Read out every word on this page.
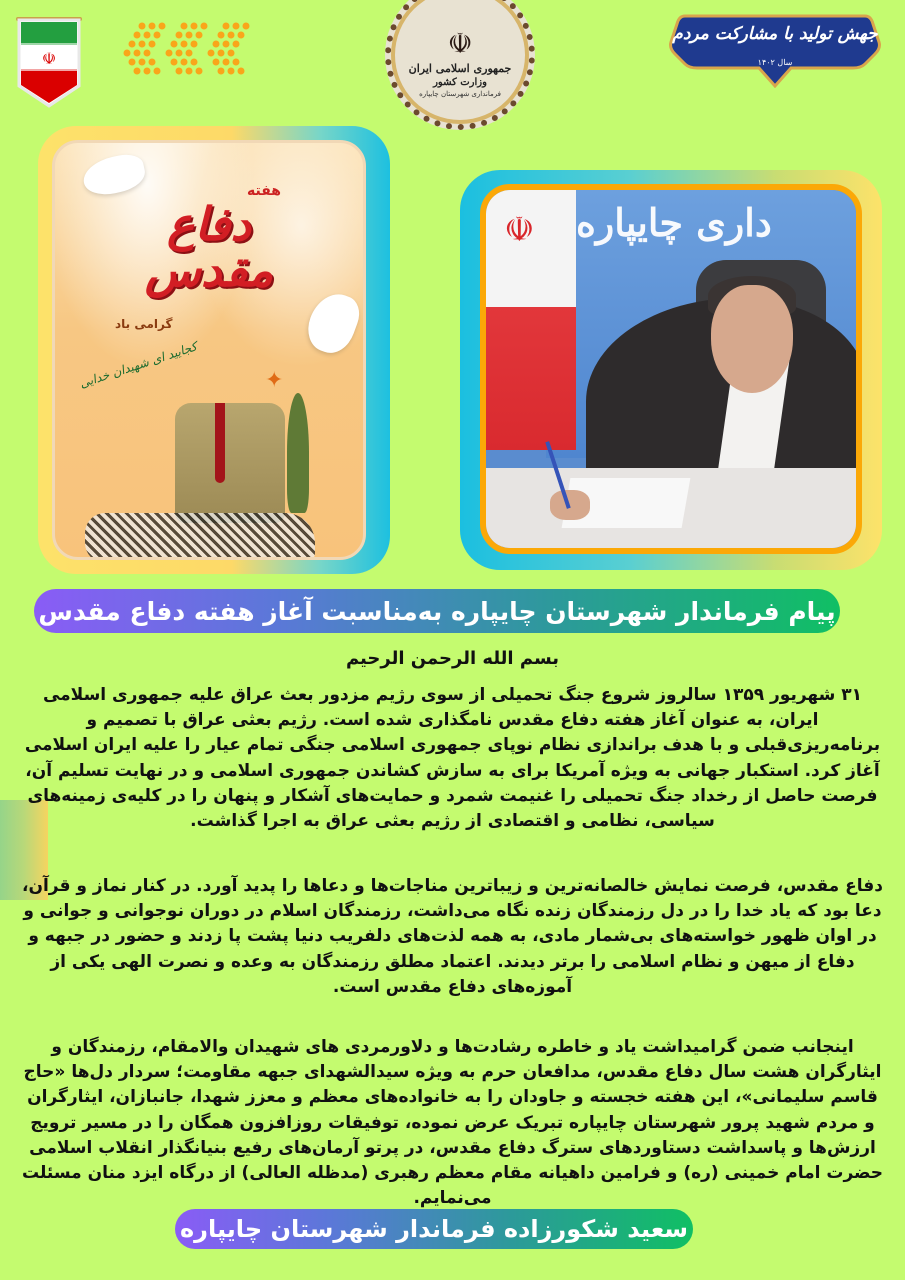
☫	☫
جمهوری اسلامی ایران
وزارت کشور
فرمانداری شهرستان چایپاره
جهش تولید با مشارکت مردم
سال ۱۴۰۲
هفته
دفاع مقدس
گرامی باد
کجایید ای شهیدان خدایی	✦
داری چایپاره
☫
پیام فرماندار شهرستان چایپاره به‌مناسبت آغاز هفته دفاع مقدس
بسم الله الرحمن الرحیم
۳۱ شهریور ۱۳۵۹ سالروز شروع جنگ تحمیلی از سوی رژیم مزدور بعث عراق علیه جمهوری اسلامی ایران، به عنوان آغاز هفته دفاع مقدس نامگذاری شده است. رژیم بعثی عراق با تصمیم و برنامه‌ریزی‌قبلی و با هدف براندازی نظام نوپای جمهوری اسلامی جنگی تمام عیار را علیه ایران اسلامی آغاز کرد. استکبار جهانی به ویژه آمریکا برای به سازش کشاندن جمهوری اسلامی و در نهایت تسلیم آن، فرصت حاصل از رخداد جنگ تحمیلی را غنیمت شمرد و حمایت‌های آشکار و پنهان را در کلیه‌ی زمینه‌های سیاسی، نظامی و اقتصادی از رژیم بعثی عراق به اجرا گذاشت.
دفاع مقدس، فرصت نمایش خالصانه‌ترین و زیباترین مناجات‌ها و دعاها را پدید آورد. در کنار نماز و قرآن، دعا بود که یاد خدا را در دل رزمندگان زنده نگاه می‌داشت، رزمندگان اسلام در دوران نوجوانی و جوانی و در اوان ظهور خواسته‌های بی‌شمار مادی، به همه لذت‌های دلفریب دنیا پشت پا زدند و حضور در جبهه و دفاع از میهن و نظام اسلامی را برتر دیدند. اعتماد مطلق رزمندگان به وعده و نصرت الهی یکی از آموزه‌های دفاع مقدس است.
اینجانب ضمن گرامیداشت یاد و خاطره رشادت‌ها و دلاورمردی های شهیدان والامقام، رزمندگان و ایثارگران هشت سال دفاع مقدس، مدافعان حرم به ویژه سیدالشهدای جبهه مقاومت؛ سردار دل‌ها «حاج قاسم سلیمانی»، این هفته خجسته و جاودان را به خانواده‌های معظم و معزز شهدا، جانبازان، ایثارگران و مردم شهید پرور شهرستان چایپاره تبریک عرض نموده، توفیقات روزافزون همگان را در مسیر ترویج ارزش‌ها و پاسداشت دستاوردهای سترگ دفاع مقدس، در پرتو آرمان‌های رفیع بنیانگذار انقلاب اسلامی حضرت امام خمینی (ره) و فرامین داهیانه مقام معظم رهبری (مدظله العالی) از درگاه ایزد منان مسئلت می‌نمایم.
سعید شکورزاده فرماندار شهرستان چایپاره
